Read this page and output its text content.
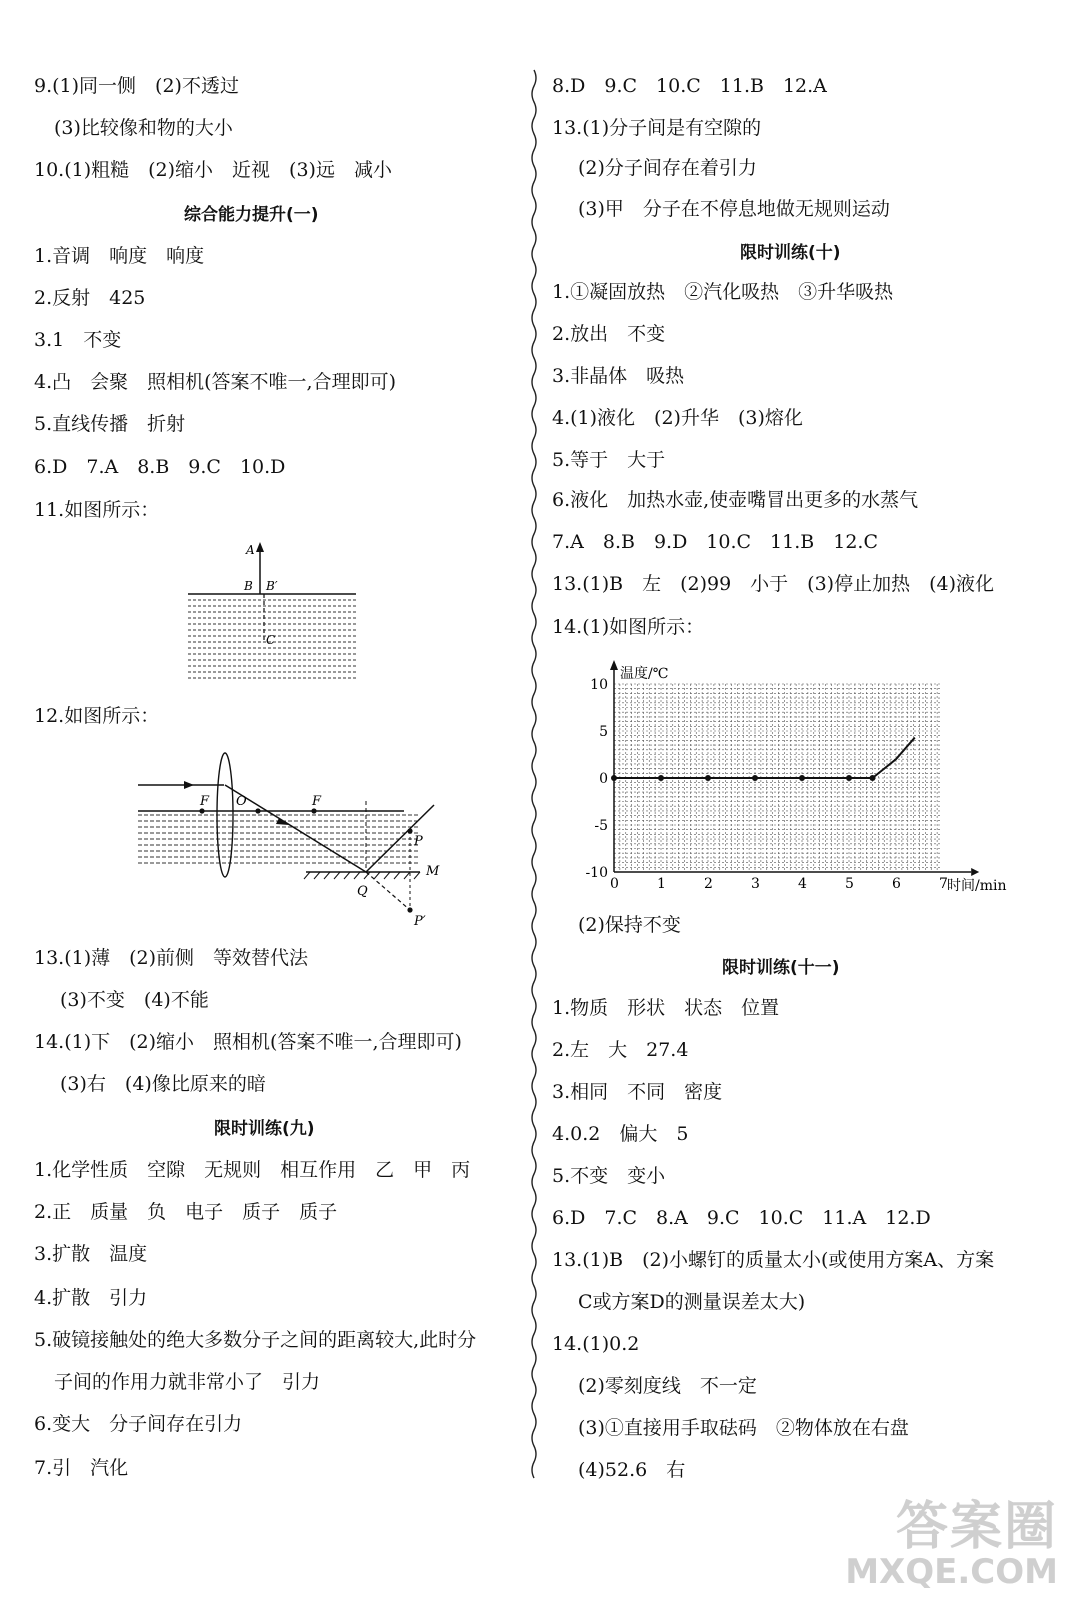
9.(1)同一侧　(2)不透过
(3)比较像和物的大小
10.(1)粗糙　(2)缩小　近视　(3)远　减小
综合能力提升(一)
1.音调　响度　响度
2.反射　425
3.1　不变
4.凸　会聚　照相机(答案不唯一,合理即可)
5.直线传播　折射
6.D　7.A　8.B　9.C　10.D
11.如图所示：
A
B B′
C
12.如图所示：
F O	F
P
M
Q
P′
13.(1)薄　(2)前侧　等效替代法
(3)不变　(4)不能
14.(1)下　(2)缩小　照相机(答案不唯一,合理即可)
(3)右　(4)像比原来的暗
限时训练(九)
1.化学性质　空隙　无规则　相互作用　乙　甲　丙
2.正　质量　负　电子　质子　质子
3.扩散　温度
4.扩散　引力
5.破镜接触处的绝大多数分子之间的距离较大,此时分
子间的作用力就非常小了　引力
6.变大　分子间存在引力
7.引　汽化
8.D　9.C　10.C　11.B　12.A
13.(1)分子间是有空隙的
(2)分子间存在着引力
(3)甲　分子在不停息地做无规则运动
限时训练(十)
1.①凝固放热　②汽化吸热　③升华吸热
2.放出　不变
3.非晶体　吸热
4.(1)液化　(2)升华　(3)熔化
5.等于　大于
6.液化　加热水壶,使壶嘴冒出更多的水蒸气
7.A　8.B　9.D　10.C　11.B　12.C
13.(1)B　左　(2)99　小于　(3)停止加热　(4)液化
14.(1)如图所示：
0	1	2	3	4	5	6	7
-10
-5
0
5
10
温度/℃
时间/min
(2)保持不变
限时训练(十一)
1.物质　形状　状态　位置
2.左　大　27.4
3.相同　不同　密度
4.0.2　偏大　5
5.不变　变小
6.D　7.C　8.A　9.C　10.C　11.A　12.D
13.(1)B　(2)小螺钉的质量太小(或使用方案A、方案
C或方案D的测量误差太大)
14.(1)0.2
(2)零刻度线　不一定
(3)①直接用手取砝码　②物体放在右盘
(4)52.6　右
答案圈
MXQE.COM
